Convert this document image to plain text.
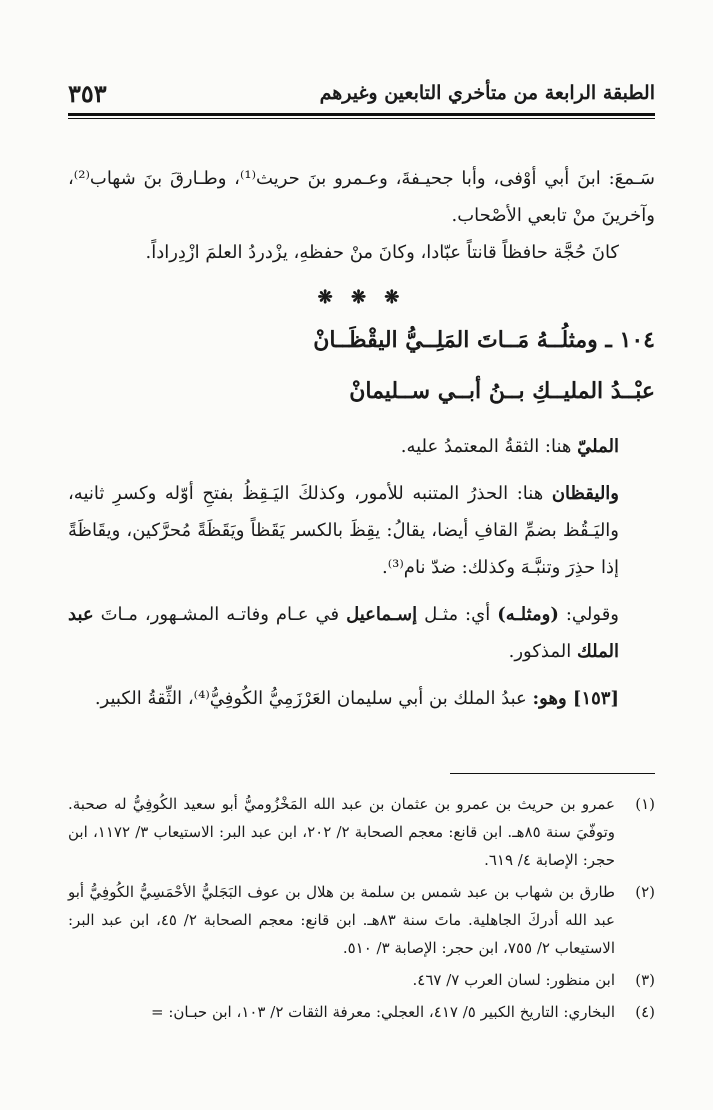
الطبقة الرابعة من متأخري التابعين وغيرهم
٣٥٣

سَـمعَ: ابنَ أبي أوْفى، وأبا جحيـفةَ، وعـمرو بنَ حريث⁽¹⁾، وطـارقَ بنَ شهاب⁽²⁾، وآخرينَ منْ تابعي الأصْحاب.

كانَ حُجَّة حافظاً قانتاً عبّادا، وكانَ منْ حفظهِ، يزْدردُ العلمَ ازْدِراداً.

❋ ❋ ❋
١٠٤ ـ ومثلُــهُ مَــاتَ المَلِــيُّ اليقْظَــانْ
عبْــدُ المليــكِ بــنُ أبــي ســليمانْ

المليّ هنا: الثقةُ المعتمدُ عليه.

واليقظان هنا: الحذرُ المتنبه للأمور، وكذلكَ اليَـقِظُ بفتحِ أوّله وكسرِ ثانيه، واليَـقُظ بضمِّ القافِ أيضا، يقالُ: يقِظَ بالكسر يَقَظاً ويَقَظَةً مُحرَّكين، ويقَاظَةً إذا حذِرَ وتنبَّـهَ وكذلك: ضدّ نام⁽³⁾.

وقولي: (ومثلـه) أي: مثـل إسـماعيل في عـام وفاتـه المشـهور، مـاتَ عبد الملك المذكور.

[١٥٣] وهو: عبدُ الملك بن أبي سليمان العَرْزَمِيُّ الكُوفِيُّ⁽⁴⁾، الثِّقةُ الكبير.

(١)
عمرو بن حريث بن عمرو بن عثمان بن عبد الله المَخْزُوميُّ أبو سعيد الكُوفِيُّ له صحبة. وتوفّيَ سنة ٨٥هـ. ابن قانع: معجم الصحابة ٢/ ٢٠٢، ابن عبد البر: الاستيعاب ٣/ ١١٧٢، ابن حجر: الإصابة ٤/ ٦١٩.
(٢)
طارق بن شهاب بن عبد شمس بن سلمة بن هلال بن عوف البَجَليُّ الأحْمَسِيُّ الكُوفِيُّ أبو عبد الله أدركَ الجاهلية. ماتَ سنة ٨٣هـ. ابن قانع: معجم الصحابة ٢/ ٤٥، ابن عبد البر: الاستيعاب ٢/ ٧٥٥، ابن حجر: الإصابة ٣/ ٥١٠.
(٣)
ابن منظور: لسان العرب ٧/ ٤٦٧.
(٤)
البخاري: التاريخ الكبير ٥/ ٤١٧، العجلي: معرفة الثقات ٢/ ١٠٣، ابن حبـان: =
